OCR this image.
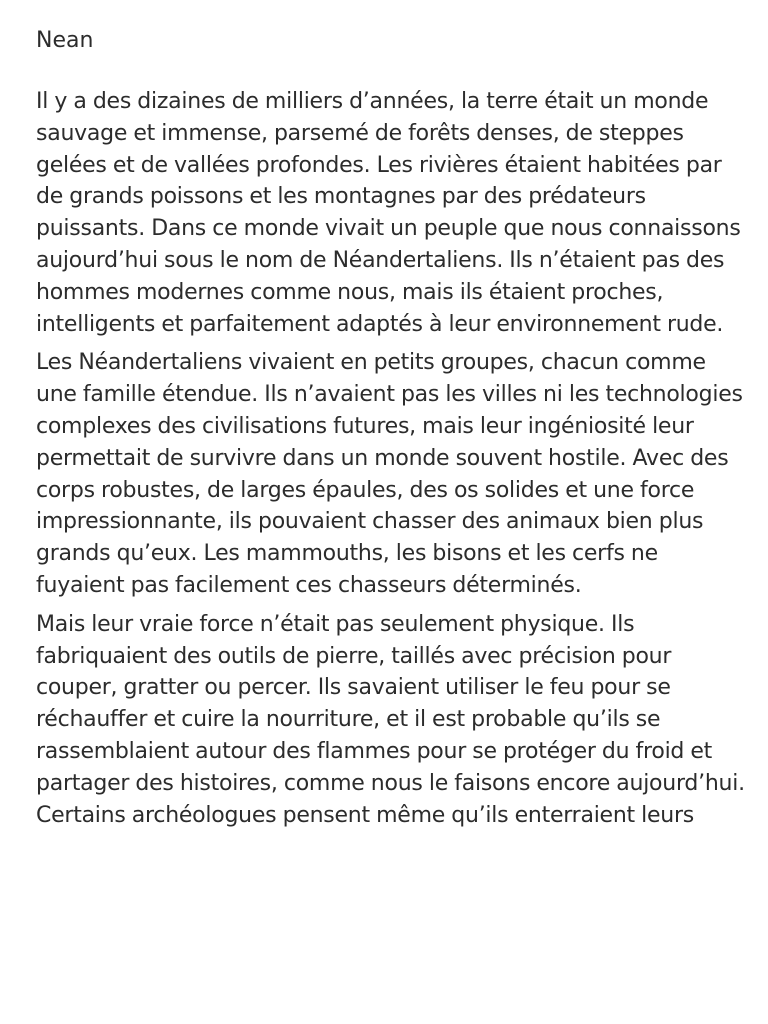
Nean

Il y a des dizaines de milliers d’années, la terre était un monde sauvage et immense, parsemé de forêts denses, de steppes gelées et de vallées profondes. Les rivières étaient habitées par de grands poissons et les montagnes par des prédateurs puissants. Dans ce monde vivait un peuple que nous connaissons aujourd’hui sous le nom de Néandertaliens. Ils n’étaient pas des hommes modernes comme nous, mais ils étaient proches, intelligents et parfaitement adaptés à leur environnement rude.

Les Néandertaliens vivaient en petits groupes, chacun comme une famille étendue. Ils n’avaient pas les villes ni les technologies complexes des civilisations futures, mais leur ingéniosité leur permettait de survivre dans un monde souvent hostile. Avec des corps robustes, de larges épaules, des os solides et une force impressionnante, ils pouvaient chasser des animaux bien plus grands qu’eux. Les mammouths, les bisons et les cerfs ne fuyaient pas facilement ces chasseurs déterminés.

Mais leur vraie force n’était pas seulement physique. Ils fabriquaient des outils de pierre, taillés avec précision pour couper, gratter ou percer. Ils savaient utiliser le feu pour se réchauffer et cuire la nourriture, et il est probable qu’ils se rassemblaient autour des flammes pour se protéger du froid et partager des histoires, comme nous le faisons encore aujourd’hui. Certains archéologues pensent même qu’ils enterraient leurs
